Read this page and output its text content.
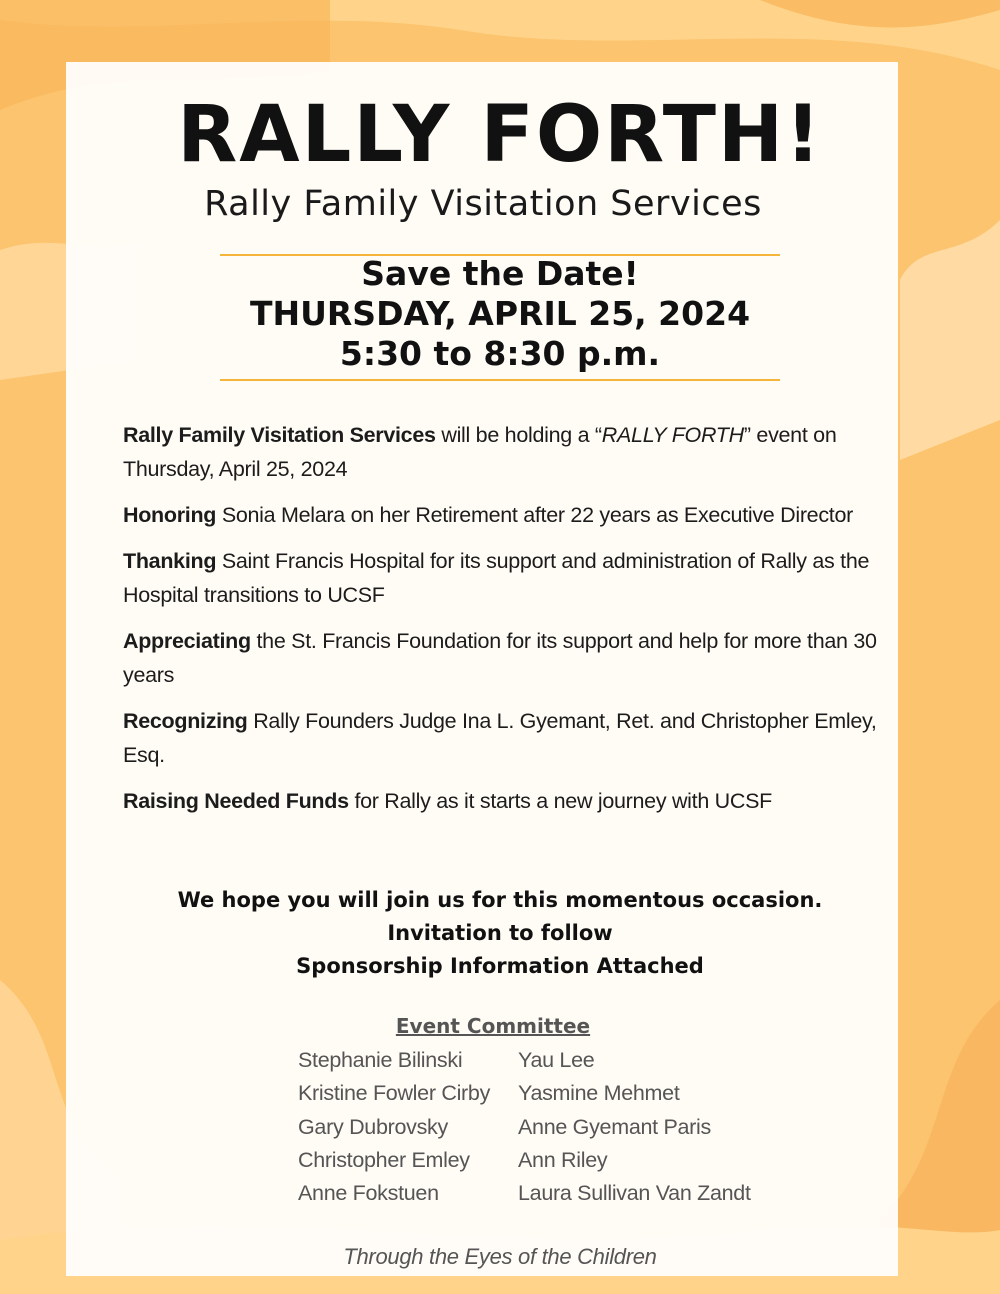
RALLY FORTH!
Rally Family Visitation Services
Save the Date!
THURSDAY, APRIL 25, 2024
5:30 to 8:30 p.m.

Rally Family Visitation Services will be holding a “RALLY FORTH” event on Thursday, April 25, 2024

Honoring Sonia Melara on her Retirement after 22 years as Executive Director

Thanking Saint Francis Hospital for its support and administration of Rally as the Hospital transitions to UCSF

Appreciating the St. Francis Foundation for its support and help for more than 30 years

Recognizing Rally Founders Judge Ina L. Gyemant, Ret. and Christopher Emley, Esq.

Raising Needed Funds for Rally as it starts a new journey with UCSF

We hope you will join us for this momentous occasion.
Invitation to follow
Sponsorship Information Attached
Event Committee
Stephanie Bilinski
Kristine Fowler Cirby
Gary Dubrovsky
Christopher Emley
Anne Fokstuen
Yau Lee
Yasmine Mehmet
Anne Gyemant Paris
Ann Riley
Laura Sullivan Van Zandt
Through the Eyes of the Children
